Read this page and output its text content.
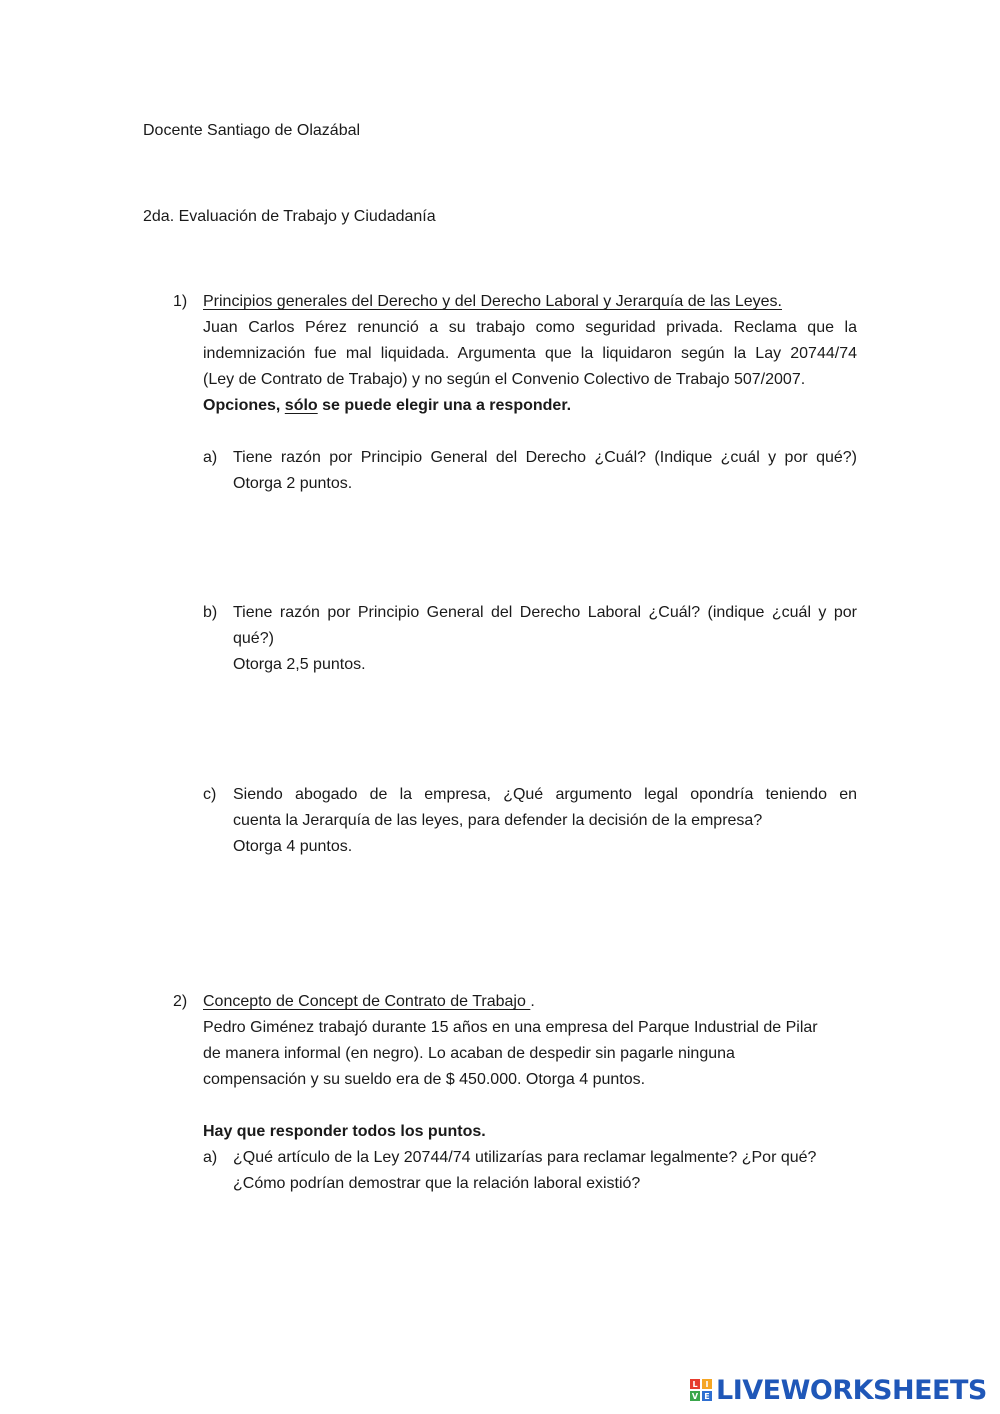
Docente Santiago de Olazábal
2da. Evaluación de Trabajo y Ciudadanía
1) Principios generales del Derecho y del Derecho Laboral y Jerarquía de las Leyes.
Juan Carlos Pérez renunció a su trabajo como seguridad privada. Reclama que la
indemnización fue mal liquidada. Argumenta que la liquidaron según la Lay 20744/74
(Ley de Contrato de Trabajo) y no según el Convenio Colectivo de Trabajo 507/2007.
Opciones, sólo se puede elegir una a responder.
a) Tiene razón por Principio General del Derecho ¿Cuál? (Indique ¿cuál y por qué?)
Otorga 2 puntos.
b) Tiene razón por Principio General del Derecho Laboral ¿Cuál? (indique ¿cuál y por
qué?)
Otorga 2,5 puntos.
c) Siendo abogado de la empresa, ¿Qué argumento legal opondría teniendo en
cuenta la Jerarquía de las leyes, para defender la decisión de la empresa?
Otorga 4 puntos.
2) Concepto de Concept de Contrato de Trabajo .
Pedro Giménez trabajó durante 15 años en una empresa del Parque Industrial de Pilar
de manera informal (en negro). Lo acaban de despedir sin pagarle ninguna
compensación y su sueldo era de $ 450.000. Otorga 4 puntos.
Hay que responder todos los puntos.
a) ¿Qué artículo de la Ley 20744/74 utilizarías para reclamar legalmente? ¿Por qué?
¿Cómo podrían demostrar que la relación laboral existió?
L I
V E LIVEWORKSHEETS
